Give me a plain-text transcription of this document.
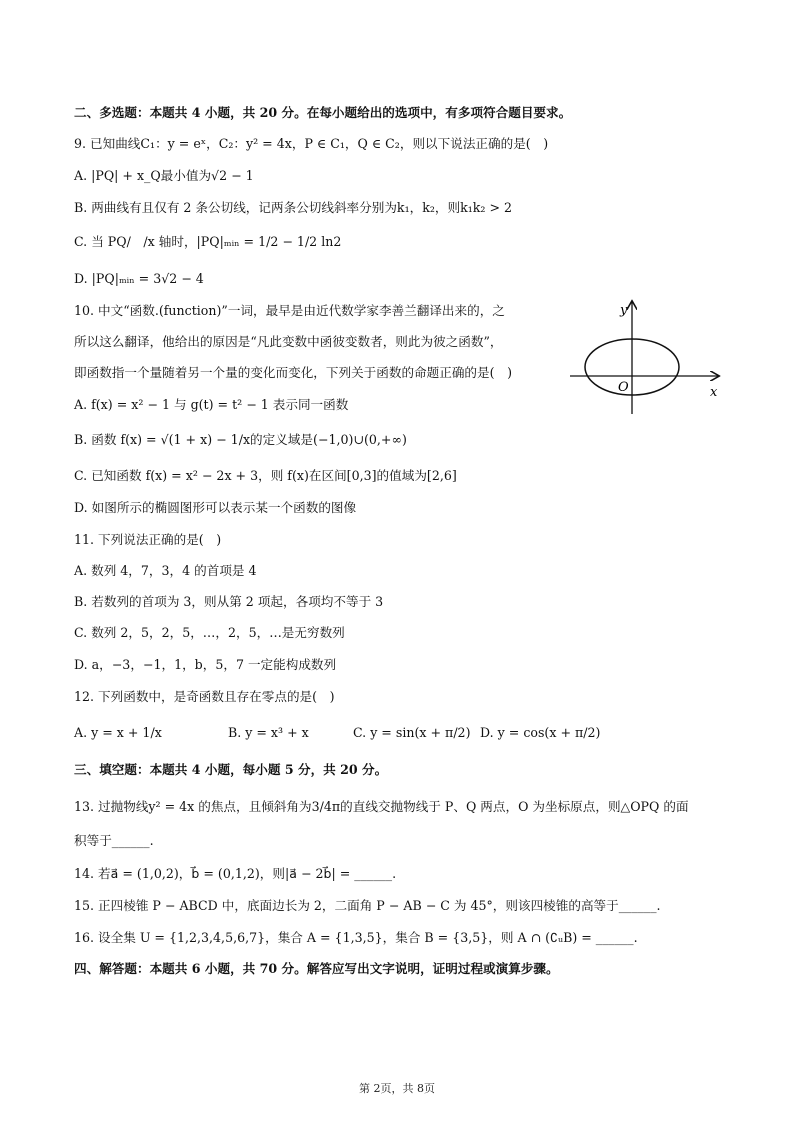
二、多选题：本题共 4 小题，共 20 分。在每小题给出的选项中，有多项符合题目要求。
9. 已知曲线C₁：y = eˣ，C₂：y² = 4x，P ∈ C₁，Q ∈ C₂，则以下说法正确的是(　)
A. |PQ| + x_Q最小值为√2 − 1
B. 两曲线有且仅有 2 条公切线，记两条公切线斜率分别为k₁，k₂，则k₁k₂ > 2
C. 当 PQ/　/x 轴时，|PQ|ₘᵢₙ = 1/2 − 1/2 ln2
D. |PQ|ₘᵢₙ = 3√2 − 4
10. 中文“函数.(function)”一词，最早是由近代数学家李善兰翻译出来的，之
所以这么翻译，他给出的原因是“凡此变数中函彼变数者，则此为彼之函数”，
即函数指一个量随着另一个量的变化而变化，下列关于函数的命题正确的是(　)
A. f(x) = x² − 1 与 g(t) = t² − 1 表示同一函数
B. 函数 f(x) = √(1 + x) − 1/x的定义域是(−1,0)∪(0,+∞)
C. 已知函数 f(x) = x² − 2x + 3，则 f(x)在区间[0,3]的值域为[2,6]
D. 如图所示的椭圆图形可以表示某一个函数的图像
y
x
O
11. 下列说法正确的是(　)
A. 数列 4，7，3，4 的首项是 4
B. 若数列的首项为 3，则从第 2 项起，各项均不等于 3
C. 数列 2，5，2，5，…，2，5，…是无穷数列
D. a，−3，−1，1，b，5，7 一定能构成数列
12. 下列函数中，是奇函数且存在零点的是(　)
A. y = x + 1/x	B. y = x³ + x	C. y = sin(x + π/2) D. y = cos(x + π/2)
三、填空题：本题共 4 小题，每小题 5 分，共 20 分。
13. 过抛物线y² = 4x 的焦点，且倾斜角为3/4π的直线交抛物线于 P、Q 两点，O 为坐标原点，则△OPQ 的面
积等于______.
14. 若a⃗ = (1,0,2)，b⃗ = (0,1,2)，则|a⃗ − 2b⃗| = ______.
15. 正四棱锥 P − ABCD 中，底面边长为 2，二面角 P − AB − C 为 45°，则该四棱锥的高等于______.
16. 设全集 U = {1,2,3,4,5,6,7}，集合 A = {1,3,5}，集合 B = {3,5}，则 A ∩ (∁ᵤB) = ______.
四、解答题：本题共 6 小题，共 70 分。解答应写出文字说明，证明过程或演算步骤。
第 2页，共 8页
